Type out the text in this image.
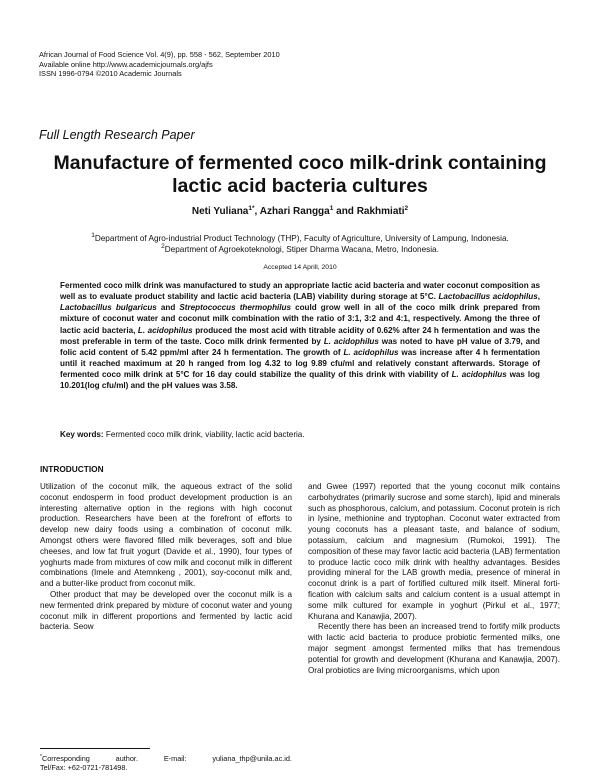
African Journal of Food Science Vol. 4(9), pp. 558 - 562, September 2010
Available online http://www.academicjournals.org/ajfs
ISSN 1996-0794 ©2010 Academic Journals
Full Length Research Paper
Manufacture of fermented coco milk-drink containing lactic acid bacteria cultures
Neti Yuliana$^{1*}$, Azhari Rangga$^1$ and Rakhmiati$^2$
$^1$Department of Agro-industrial Product Technology (THP), Faculty of Agriculture, University of Lampung, Indonesia.
$^2$Department of Agroekoteknologi, Stiper Dharma Wacana, Metro, Indonesia.
Accepted 14 Aprill, 2010
Fermented coco milk drink was manufactured to study an appropriate lactic acid bacteria and water coconut composition as well as to evaluate product stability and lactic acid bacteria (LAB) viability during storage at 5°C. Lactobacillus acidophilus, Lactobacillus bulgaricus and Streptococcus thermophilus could grow well in all of the coco milk drink prepared from mixture of coconut water and coconut milk combination with the ratio of 3:1, 3:2 and 4:1, respectively. Among the three of lactic acid bacteria, L. acidophilus produced the most acid with titrable acidity of 0.62% after 24 h fermentation and was the most preferable in term of the taste. Coco milk drink fermented by L. acidophilus was noted to have pH value of 3.79, and folic acid content of 5.42 ppm/ml after 24 h fermentation. The growth of L. acidophilus was increase after 4 h fermentation until it reached maximum at 20 h ranged from log 4.32 to log 9.89 cfu/ml and relatively constant afterwards. Storage of fermented coco milk drink at 5°C for 16 day could stabilize the quality of this drink with viability of L. acidophilus was log 10.201(log cfu/ml) and the pH values was 3.58.
Key words: Fermented coco milk drink, viability, lactic acid bacteria.
INTRODUCTION

Utilization of the coconut milk, the aqueous extract of the solid coconut endosperm in food product development production is an interesting alternative option in the regions with high coconut production. Researchers have been at the forefront of efforts to develop new dairy foods using a combination of coconut milk. Amongst others were flavored filled milk beverages, soft and blue cheeses, and low fat fruit yogurt (Davide et al., 1990), four types of yoghurts made from mixtures of cow milk and coconut milk in different combinations (Imele and Atemnkeng , 2001), soy-coconut milk and, and a butter-like product from coconut milk.

Other product that may be developed over the coconut milk is a new fermented drink prepared by mixture of coconut water and young coconut milk in different proportions and fermented by lactic acid bacteria. Seow

and Gwee (1997) reported that the young coconut milk contains carbohydrates (primarily sucrose and some starch), lipid and minerals such as phosphorous, calcium, and potassium. Coconut protein is rich in lysine, methionine and tryptophan. Coconut water extracted from young coconuts has a pleasant taste, and balance of sodium, potassium, calcium and magnesium (Rumokoi, 1991). The composition of these may favor lactic acid bacteria (LAB) fermentation to produce lactic coco milk drink with healthy advantages. Besides providing mineral for the LAB growth media, presence of mineral in coconut drink is a part of fortified cultured milk itself. Mineral forti-fication with calcium salts and calcium content is a usual attempt in some milk cultured for example in yoghurt (Pirkul et al., 1977; Khurana and Kanawjia, 2007).

Recently there has been an increased trend to fortify milk products with lactic acid bacteria to produce probiotic fermented milks, one major segment amongst fermented milks that has tremendous potential for growth and development (Khurana and Kanawjia, 2007). Oral probiotics are living microorganisms, which upon

*Corresponding	author.	E-mail:	yuliana_thp@unila.ac.id.
Tel/Fax: +62-0721-781498.
